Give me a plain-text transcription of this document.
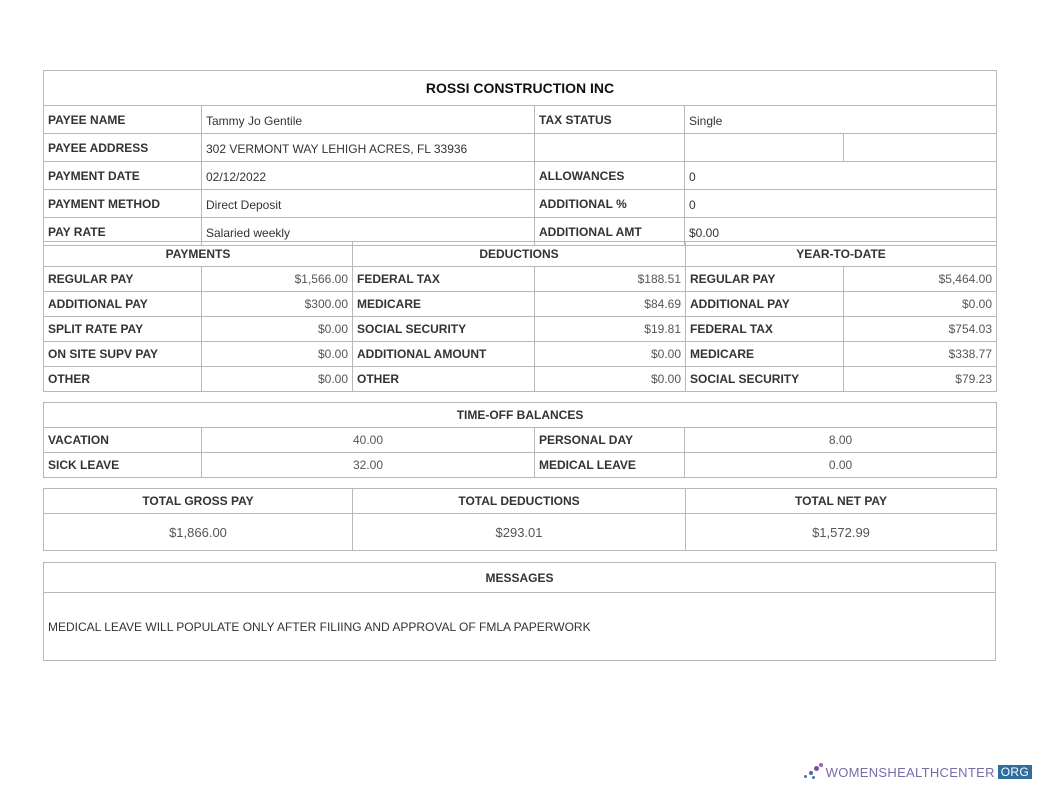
ROSSI CONSTRUCTION INC				
PAYEE NAME	Tammy Jo Gentile	TAX STATUS	Single	
PAYEE ADDRESS	302 VERMONT WAY LEHIGH ACRES, FL 33936			
PAYMENT DATE	02/12/2022	ALLOWANCES	0	
PAYMENT METHOD	Direct Deposit	ADDITIONAL %	0	
PAY RATE	Salaried weekly	ADDITIONAL AMT	$0.00	
PAYMENTS		DEDUCTIONS		YEAR-TO-DATE	
REGULAR PAY	$1,566.00	FEDERAL TAX	$188.51	REGULAR PAY	$5,464.00
ADDITIONAL PAY	$300.00	MEDICARE	$84.69	ADDITIONAL PAY	$0.00
SPLIT RATE PAY	$0.00	SOCIAL SECURITY	$19.81	FEDERAL TAX	$754.03
ON SITE SUPV PAY	$0.00	ADDITIONAL AMOUNT	$0.00	MEDICARE	$338.77
OTHER	$0.00	OTHER	$0.00	SOCIAL SECURITY	$79.23
TIME-OFF BALANCES			
VACATION	40.00	PERSONAL DAY	8.00
SICK LEAVE	32.00	MEDICAL LEAVE	0.00
TOTAL GROSS PAY	TOTAL DEDUCTIONS	TOTAL NET PAY
$1,866.00	$293.01	$1,572.99
MESSAGES
MEDICAL LEAVE WILL POPULATE ONLY AFTER FILIING AND APPROVAL OF FMLA PAPERWORK
WOMENSHEALTHCENTER ORG
